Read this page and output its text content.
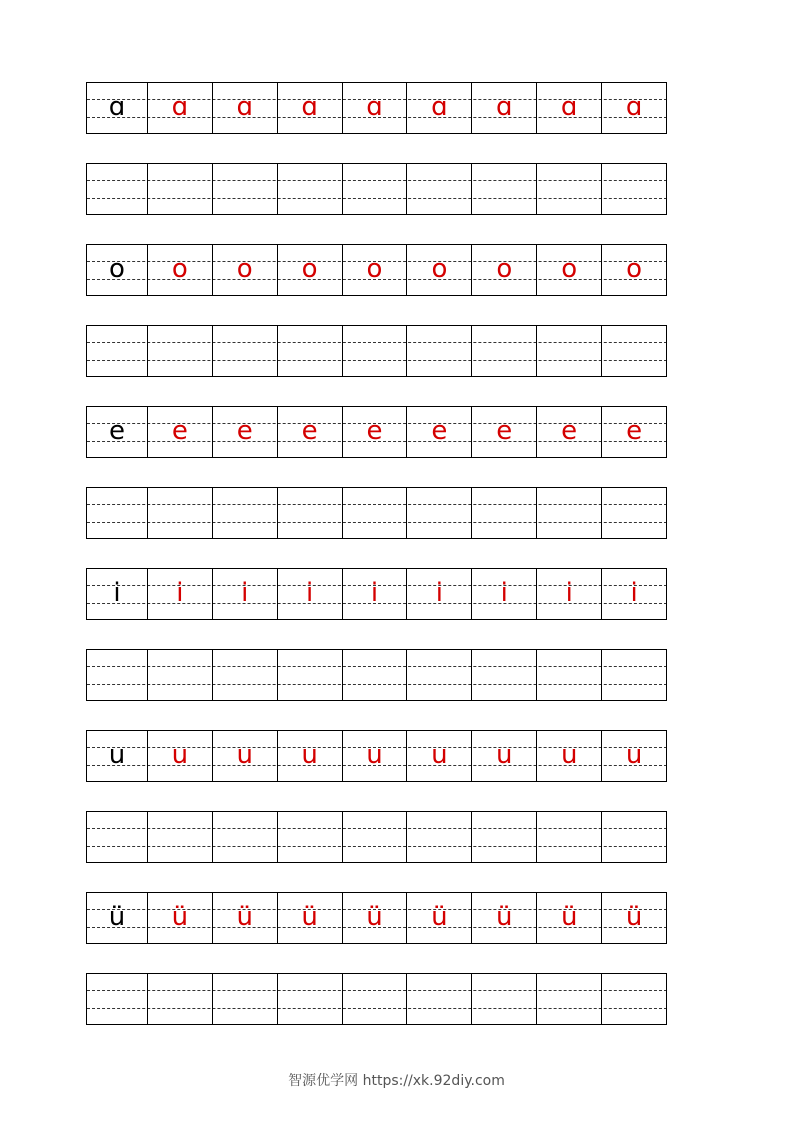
ɑ ɑ ɑ ɑ ɑ ɑ ɑ ɑ ɑ
o o o o o o o o o
e e e e e e e e e
i i i i i i i i i
u u u u u u u u u
ü ü ü ü ü ü ü ü ü
智源优学网 https://xk.92diy.com
